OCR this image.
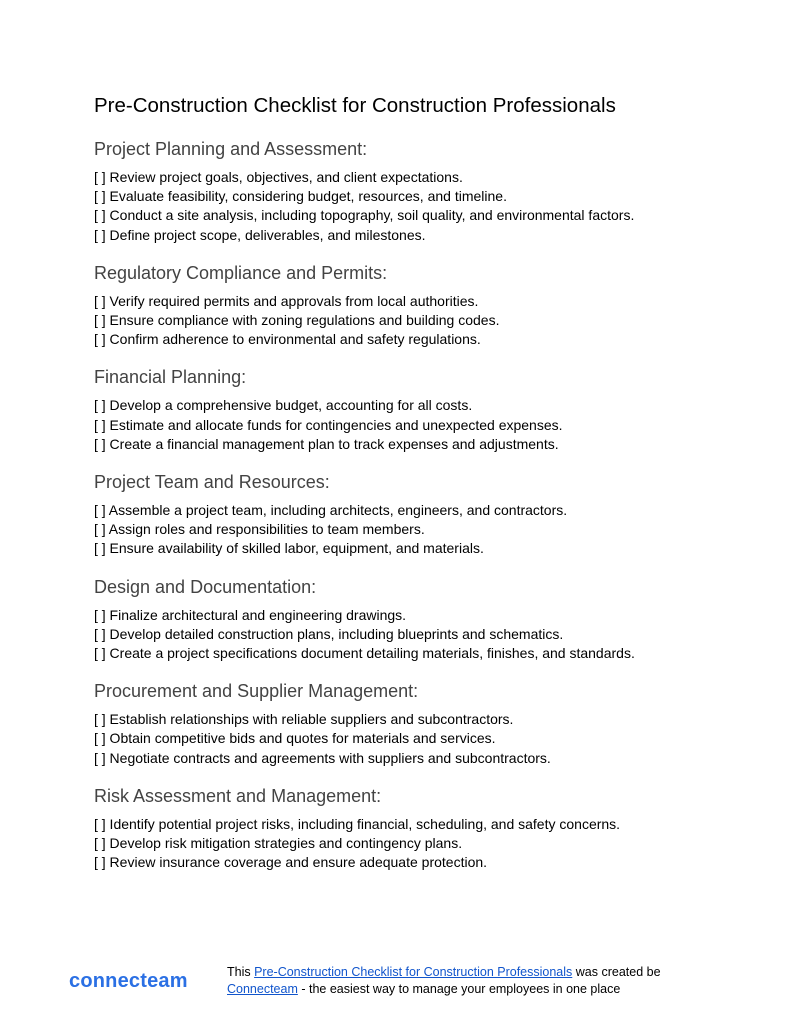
Pre-Construction Checklist for Construction Professionals
Project Planning and Assessment:
[ ] Review project goals, objectives, and client expectations.
[ ] Evaluate feasibility, considering budget, resources, and timeline.
[ ] Conduct a site analysis, including topography, soil quality, and environmental factors.
[ ] Define project scope, deliverables, and milestones.
Regulatory Compliance and Permits:
[ ] Verify required permits and approvals from local authorities.
[ ] Ensure compliance with zoning regulations and building codes.
[ ] Confirm adherence to environmental and safety regulations.
Financial Planning:
[ ] Develop a comprehensive budget, accounting for all costs.
[ ] Estimate and allocate funds for contingencies and unexpected expenses.
[ ] Create a financial management plan to track expenses and adjustments.
Project Team and Resources:
[ ] Assemble a project team, including architects, engineers, and contractors.
[ ] Assign roles and responsibilities to team members.
[ ] Ensure availability of skilled labor, equipment, and materials.
Design and Documentation:
[ ] Finalize architectural and engineering drawings.
[ ] Develop detailed construction plans, including blueprints and schematics.
[ ] Create a project specifications document detailing materials, finishes, and standards.
Procurement and Supplier Management:
[ ] Establish relationships with reliable suppliers and subcontractors.
[ ] Obtain competitive bids and quotes for materials and services.
[ ] Negotiate contracts and agreements with suppliers and subcontractors.
Risk Assessment and Management:
[ ] Identify potential project risks, including financial, scheduling, and safety concerns.
[ ] Develop risk mitigation strategies and contingency plans.
[ ] Review insurance coverage and ensure adequate protection.
connecteam	This Pre-Construction Checklist for Construction Professionals was created be
Connecteam - the easiest way to manage your employees in one place
